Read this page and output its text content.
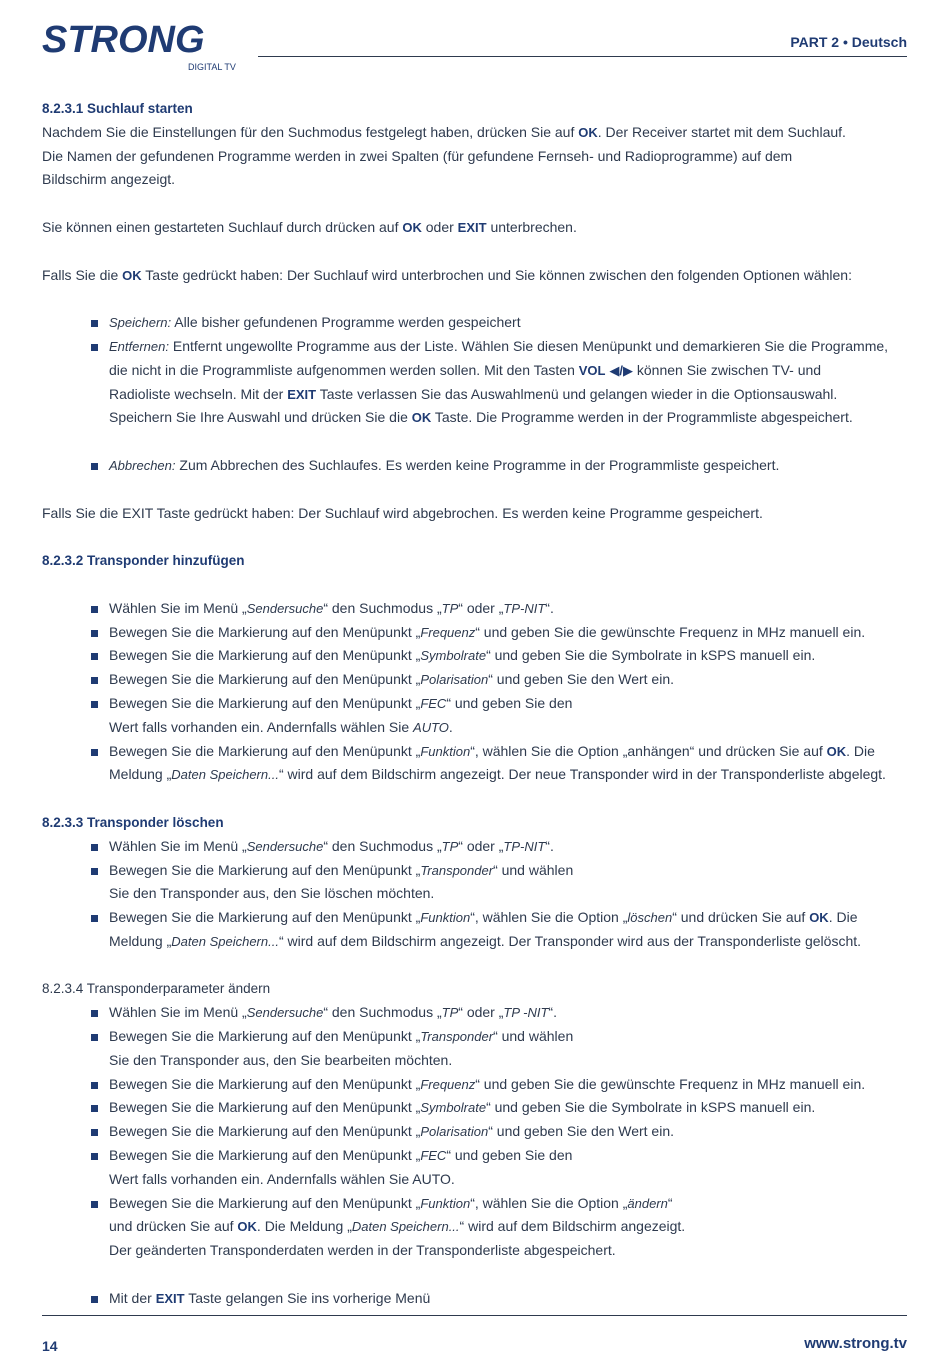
STRONG
DIGITAL TV
PART 2 • Deutsch
8.2.3.1 Suchlauf starten
Nachdem Sie die Einstellungen für den Suchmodus festgelegt haben, drücken Sie auf OK. Der Receiver startet mit dem Suchlauf.
Die Namen der gefundenen Programme werden in zwei Spalten (für gefundene Fernseh- und Radioprogramme) auf dem
Bildschirm angezeigt.
Sie können einen gestarteten Suchlauf durch drücken auf OK oder EXIT unterbrechen.
Falls Sie die OK Taste gedrückt haben: Der Suchlauf wird unterbrochen und Sie können zwischen den folgenden Optionen wählen:
Speichern: Alle bisher gefundenen Programme werden gespeichert
Entfernen: Entfernt ungewollte Programme aus der Liste. Wählen Sie diesen Menüpunkt und demarkieren Sie die Programme,
die nicht in die Programmliste aufgenommen werden sollen. Mit den Tasten VOL ◀/▶ können Sie zwischen TV- und
Radioliste wechseln. Mit der EXIT Taste verlassen Sie das Auswahlmenü und gelangen wieder in die Optionsauswahl.
Speichern Sie Ihre Auswahl und drücken Sie die OK Taste. Die Programme werden in der Programmliste abgespeichert.
Abbrechen: Zum Abbrechen des Suchlaufes. Es werden keine Programme in der Programmliste gespeichert.
Falls Sie die EXIT Taste gedrückt haben: Der Suchlauf wird abgebrochen. Es werden keine Programme gespeichert.
8.2.3.2 Transponder hinzufügen
Wählen Sie im Menü „Sendersuche“ den Suchmodus „TP“ oder „TP-NIT“.
Bewegen Sie die Markierung auf den Menüpunkt „Frequenz“ und geben Sie die gewünschte Frequenz in MHz manuell ein.
Bewegen Sie die Markierung auf den Menüpunkt „Symbolrate“ und geben Sie die Symbolrate in kSPS manuell ein.
Bewegen Sie die Markierung auf den Menüpunkt „Polarisation“ und geben Sie den Wert ein.
Bewegen Sie die Markierung auf den Menüpunkt „FEC“ und geben Sie den
Wert falls vorhanden ein. Andernfalls wählen Sie AUTO.
Bewegen Sie die Markierung auf den Menüpunkt „Funktion“, wählen Sie die Option „anhängen“ und drücken Sie auf OK. Die
Meldung „Daten Speichern...“ wird auf dem Bildschirm angezeigt. Der neue Transponder wird in der Transponderliste abgelegt.
8.2.3.3 Transponder löschen
Wählen Sie im Menü „Sendersuche“ den Suchmodus „TP“ oder „TP-NIT“.
Bewegen Sie die Markierung auf den Menüpunkt „Transponder“ und wählen
Sie den Transponder aus, den Sie löschen möchten.
Bewegen Sie die Markierung auf den Menüpunkt „Funktion“, wählen Sie die Option „löschen“ und drücken Sie auf OK. Die
Meldung „Daten Speichern...“ wird auf dem Bildschirm angezeigt. Der Transponder wird aus der Transponderliste gelöscht.
8.2.3.4 Transponderparameter ändern
Wählen Sie im Menü „Sendersuche“ den Suchmodus „TP“ oder „TP -NIT“.
Bewegen Sie die Markierung auf den Menüpunkt „Transponder“ und wählen
Sie den Transponder aus, den Sie bearbeiten möchten.
Bewegen Sie die Markierung auf den Menüpunkt „Frequenz“ und geben Sie die gewünschte Frequenz in MHz manuell ein.
Bewegen Sie die Markierung auf den Menüpunkt „Symbolrate“ und geben Sie die Symbolrate in kSPS manuell ein.
Bewegen Sie die Markierung auf den Menüpunkt „Polarisation“ und geben Sie den Wert ein.
Bewegen Sie die Markierung auf den Menüpunkt „FEC“ und geben Sie den
Wert falls vorhanden ein. Andernfalls wählen Sie AUTO.
Bewegen Sie die Markierung auf den Menüpunkt „Funktion“, wählen Sie die Option „ändern“
und drücken Sie auf OK. Die Meldung „Daten Speichern...“ wird auf dem Bildschirm angezeigt.
Der geänderten Transponderdaten werden in der Transponderliste abgespeichert.
Mit der EXIT Taste gelangen Sie ins vorherige Menü
14	www.strong.tv
